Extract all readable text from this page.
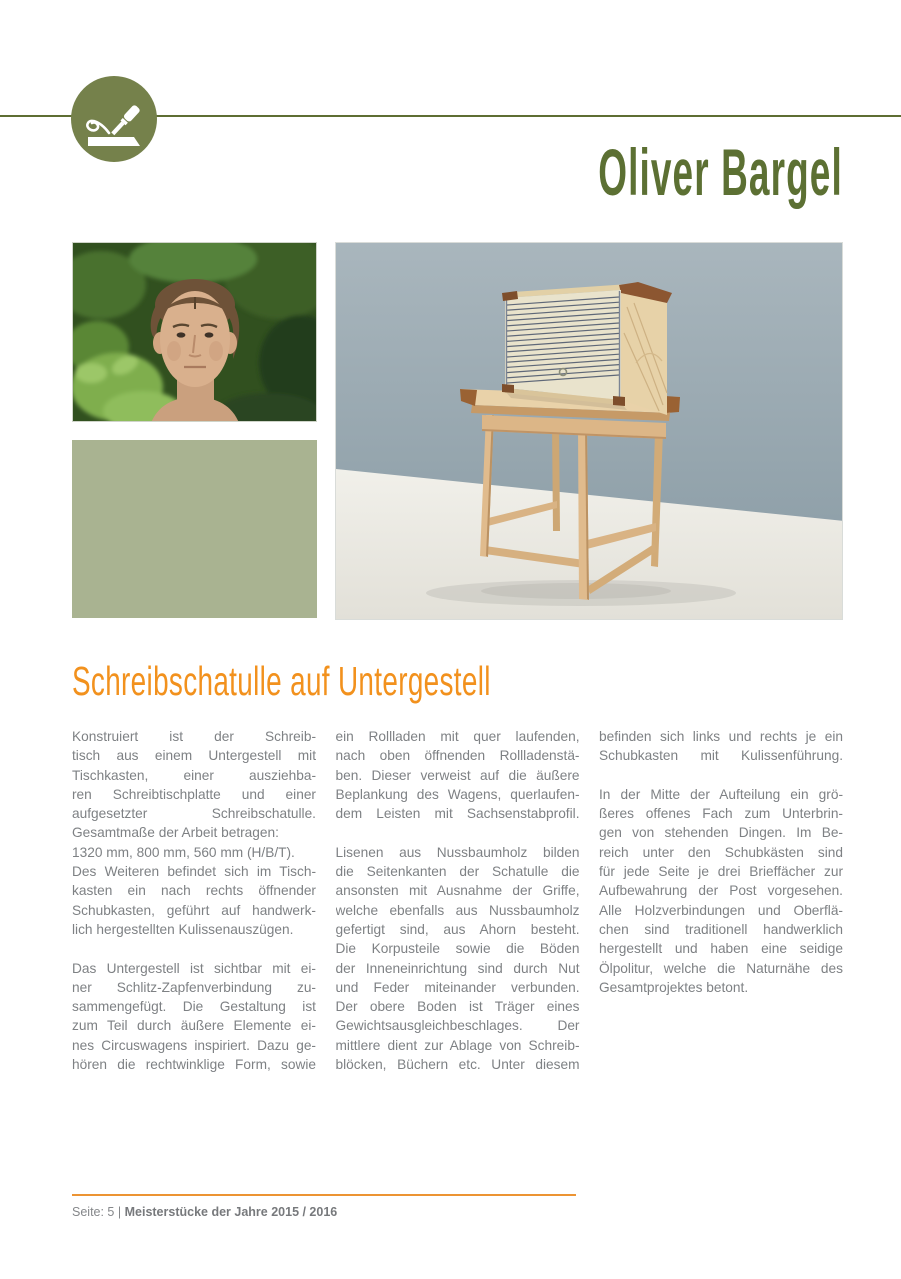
Oliver Bargel
Schreibschatulle auf Untergestell
Konstruiert ist der Schreib-
tisch aus einem Untergestell mit
Tischkasten, einer ausziehba-
ren Schreibtischplatte und einer
aufgesetzter Schreibschatulle.
Gesamtmaße der Arbeit betragen:
1320 mm, 800 mm, 560 mm (H/B/T).
Des Weiteren befindet sich im Tisch-
kasten ein nach rechts öffnender
Schubkasten, geführt auf handwerk-
lich hergestellten Kulissenauszügen.
Das Untergestell ist sichtbar mit ei-
ner Schlitz-Zapfenverbindung zu-
sammengefügt. Die Gestaltung ist
zum Teil durch äußere Elemente ei-
nes Circuswagens inspiriert. Dazu ge-
hören die rechtwinklige Form, sowie
ein Rollladen mit quer laufenden,
nach oben öffnenden Rollladenstä-
ben. Dieser verweist auf die äußere
Beplankung des Wagens, querlaufen-
dem Leisten mit Sachsenstabprofil.
Lisenen aus Nussbaumholz bilden
die Seitenkanten der Schatulle die
ansonsten mit Ausnahme der Griffe,
welche ebenfalls aus Nussbaumholz
gefertigt sind, aus Ahorn besteht.
Die Korpusteile sowie die Böden
der Inneneinrichtung sind durch Nut
und Feder miteinander verbunden.
Der obere Boden ist Träger eines
Gewichtsausgleichbeschlages. Der
mittlere dient zur Ablage von Schreib-
blöcken, Büchern etc. Unter diesem
befinden sich links und rechts je ein
Schubkasten mit Kulissenführung.
In der Mitte der Aufteilung ein grö-
ßeres offenes Fach zum Unterbrin-
gen von stehenden Dingen. Im Be-
reich unter den Schubkästen sind
für jede Seite je drei Brieffächer zur
Aufbewahrung der Post vorgesehen.
Alle Holzverbindungen und Oberflä-
chen sind traditionell handwerklich
hergestellt und haben eine seidige
Ölpolitur, welche die Naturnähe des
Gesamtprojektes betont.
Seite: 5 | Meisterstücke der Jahre 2015 / 2016
